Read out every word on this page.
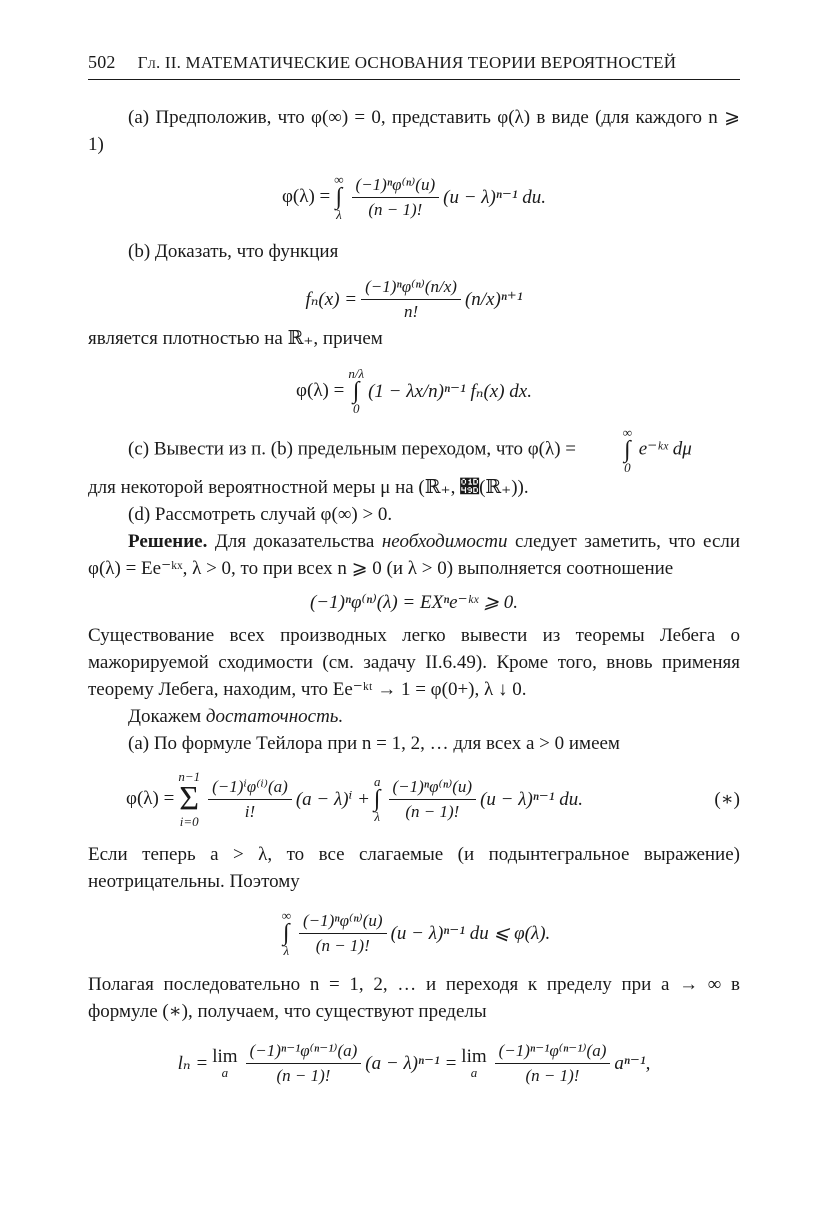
502 Гл. II. МАТЕМАТИЧЕСКИЕ ОСНОВАНИЯ ТЕОРИИ ВЕРОЯТНОСТЕЙ

(a) Предположив, что φ(∞) = 0, представить φ(λ) в виде (для каждого n ⩾ 1)

φ(λ) =
∞
∫
λ $\frac{\text{(−1)ⁿφ⁽ⁿ⁾(u)}}{(n - 1)!} (u - \lambda)^{n-1}$ du.

(b) Доказать, что функция

$f_n(x) = \frac{\text{(−1)ⁿφ⁽ⁿ⁾(n/x)}}{n!} (n/x)^{n+1}$

является плотностью на ℝ₊, причем

φ(λ) =
n/λ
∫
0
(1 − λx/n)ⁿ⁻¹ fₙ(x) dx.

(c) Вывести из п. (b) предельным переходом, что φ(λ) =
∞
∫
0
e⁻ᵏˣ dμ

для некоторой вероятностной меры μ на (ℝ₊, 𝒝(ℝ₊)).

(d) Рассмотреть случай φ(∞) > 0.

Решение. Для доказательства необходимости следует заметить, что если φ(λ) = Ee⁻ᵏˣ, λ > 0, то при всех n ⩾ 0 (и λ > 0) выполняется соотношение

(−1)ⁿφ⁽ⁿ⁾(λ) = EXⁿe⁻ᵏˣ ⩾ 0.

Существование всех производных легко вывести из теоремы Лебега о мажорируемой сходимости (см. задачу II.6.49). Кроме того, вновь применяя теорему Лебега, находим, что Ee⁻ᵏᵗ → 1 = φ(0+), λ ↓ 0.

Докажем достаточность.

(a) По формуле Тейлора при n = 1, 2, … для всех a > 0 имеем

φ(λ) =
n−1
Σ
$i=0 \frac{\text{(−1)ⁱφ⁽ⁱ⁾(a)}}{i!} (a - \lambda)^i$ +
a
∫
λ $\frac{\text{(−1)ⁿφ⁽ⁿ⁾(u)}}{(n - 1)!} (u - \lambda)^{n-1}$ du.	(∗)

Если теперь a > λ, то все слагаемые (и подынтегральное выражение) неотрицательны. Поэтому

∞
∫
λ $\frac{\text{(−1)ⁿφ⁽ⁿ⁾(u)}}{(n - 1)!} (u - \lambda)^{n-1}$ du ⩽ φ(λ).

Полагая последовательно n = 1, 2, … и переходя к пределу при a → ∞ в формуле (∗), получаем, что существуют пределы

lₙ = lim
a $\frac{\text{(−1)ⁿ⁻¹φ⁽ⁿ⁻¹⁾(a)}}{(n - 1)!} (a - \lambda)^{n-1} = \lim$
a $\frac{\text{(−1)ⁿ⁻¹φ⁽ⁿ⁻¹⁾(a)}}{(n - 1)!} a^{n-1}$,
